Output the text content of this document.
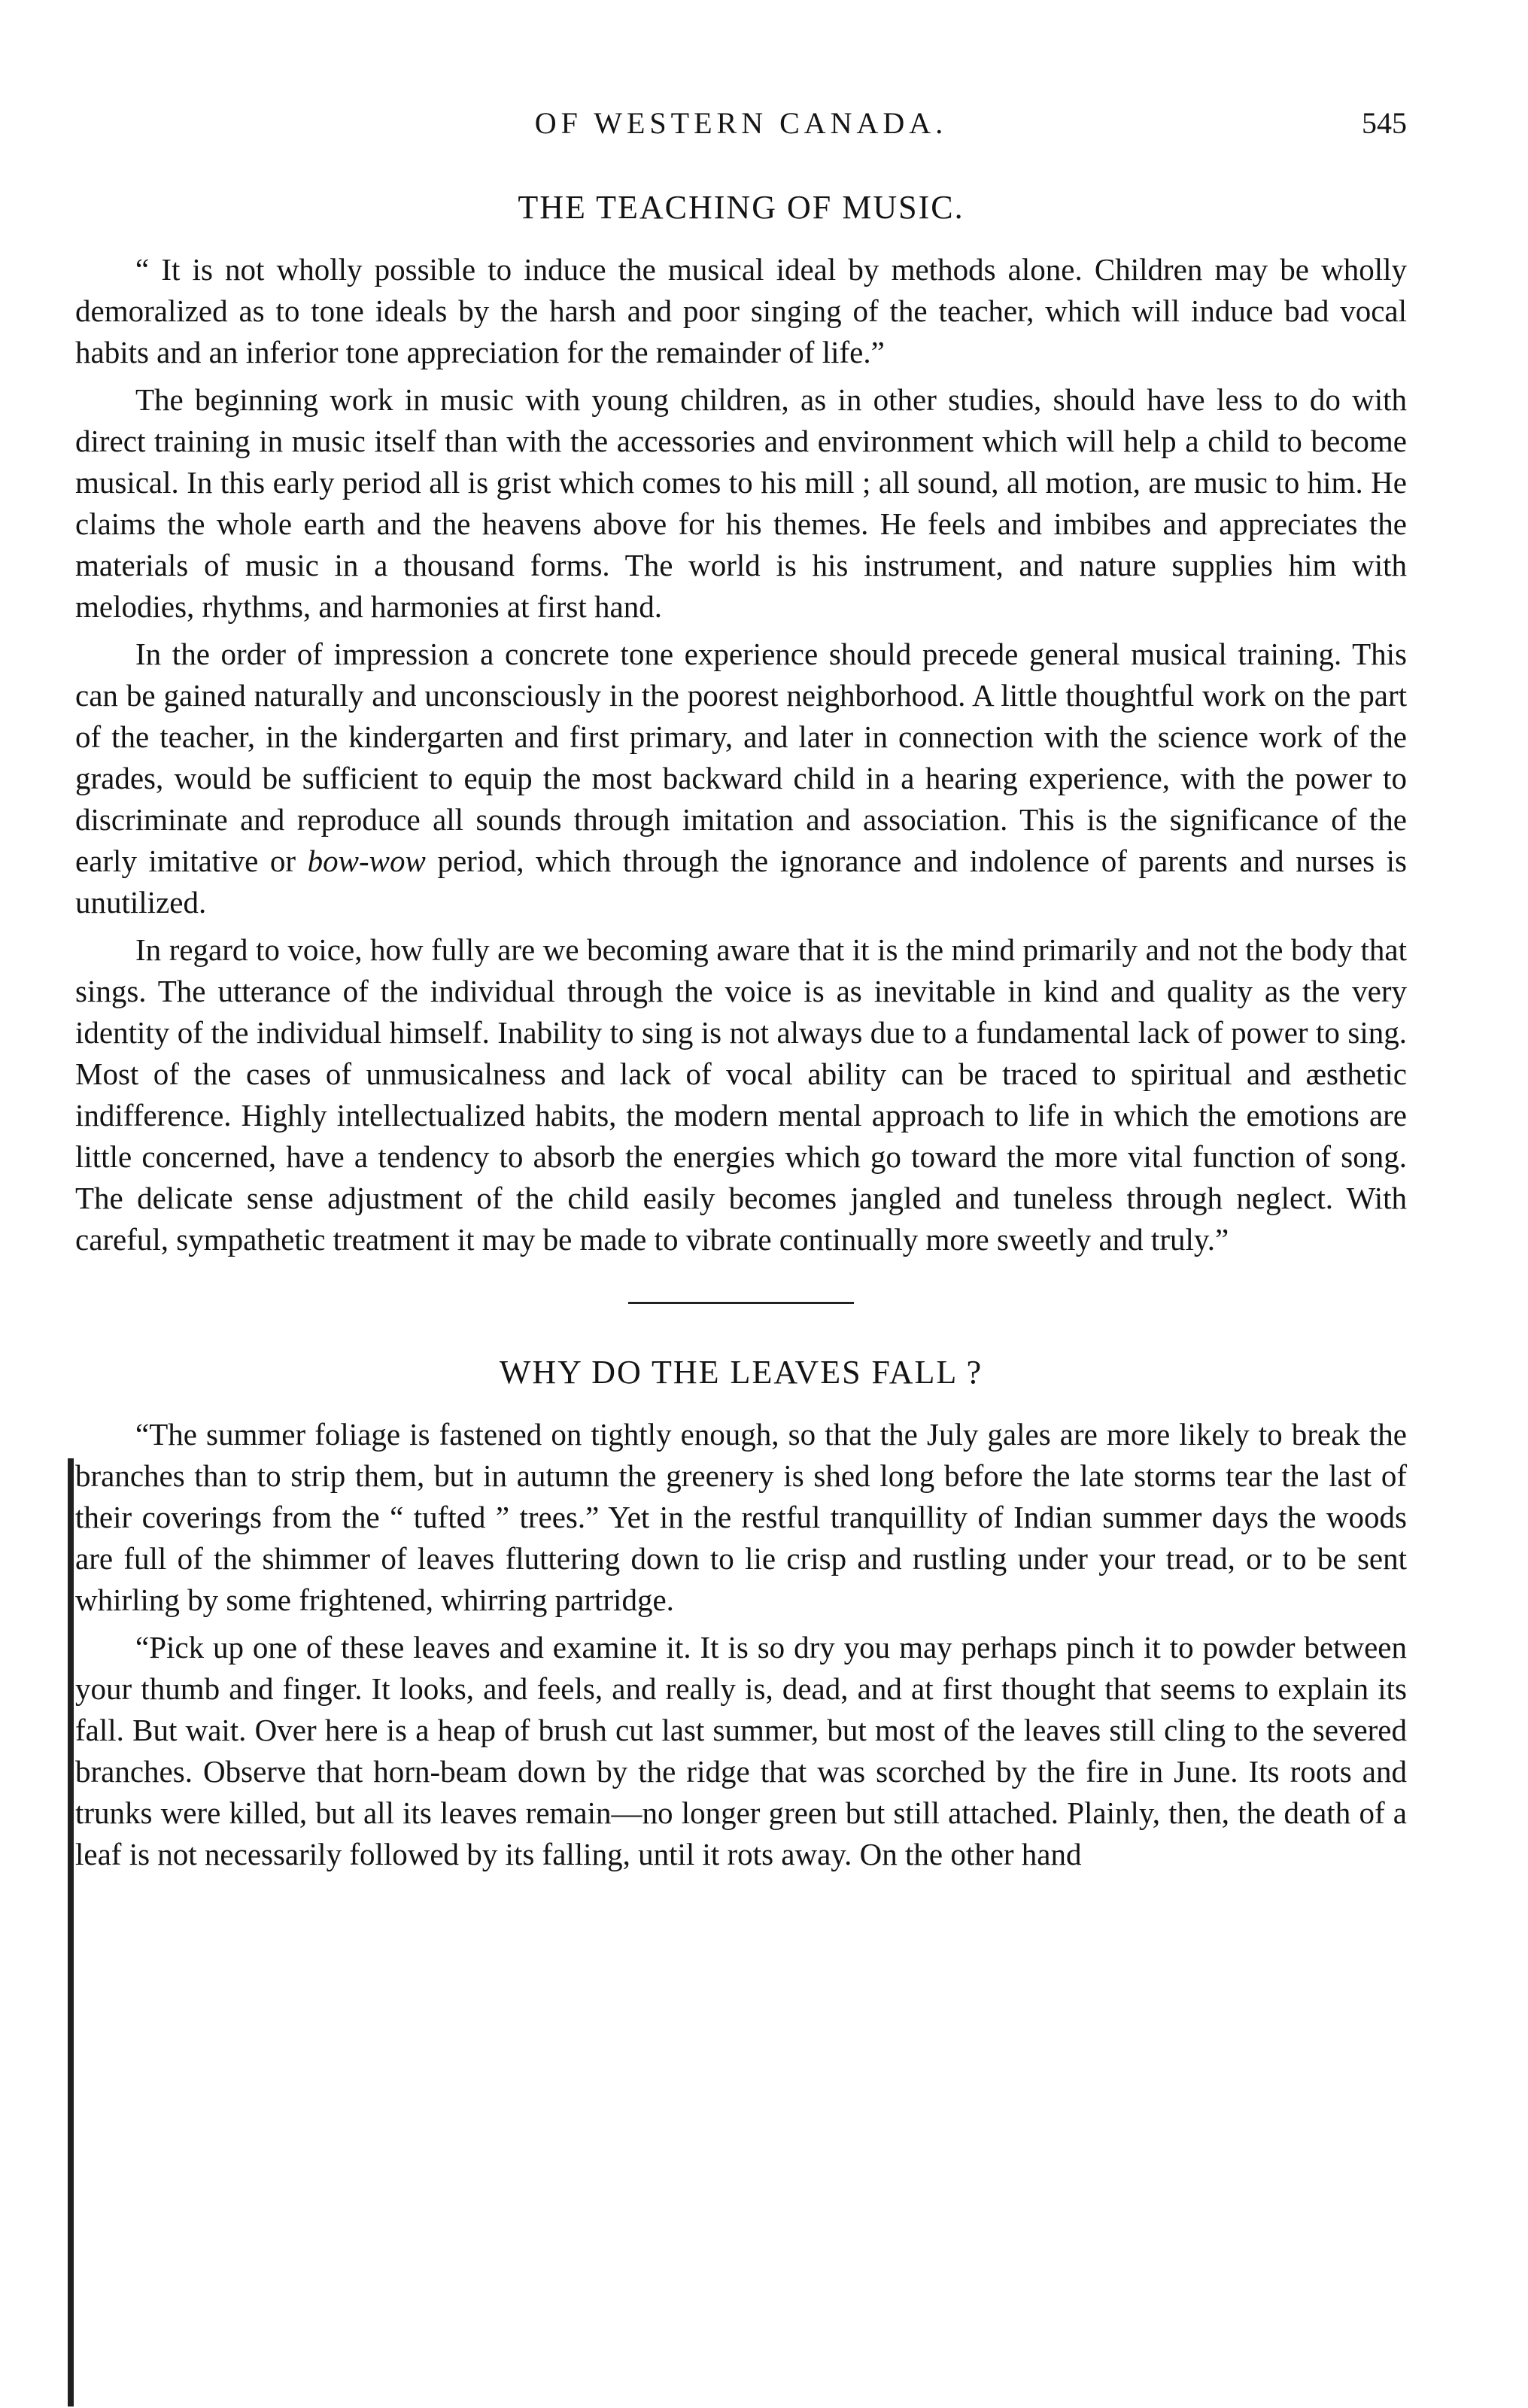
OF WESTERN CANADA.	545
THE TEACHING OF MUSIC.

“ It is not wholly possible to induce the musical ideal by methods alone. Children may be wholly demoralized as to tone ideals by the harsh and poor singing of the teacher, which will induce bad vocal habits and an inferior tone appreciation for the remainder of life.”

The beginning work in music with young children, as in other studies, should have less to do with direct training in music itself than with the accessories and environment which will help a child to become musical. In this early period all is grist which comes to his mill ; all sound, all motion, are music to him. He claims the whole earth and the heavens above for his themes. He feels and imbibes and appreciates the materials of music in a thousand forms. The world is his instrument, and nature supplies him with melodies, rhythms, and harmonies at first hand.

In the order of impression a concrete tone experience should precede general musical training. This can be gained naturally and unconsciously in the poorest neighborhood. A little thoughtful work on the part of the teacher, in the kindergarten and first primary, and later in connection with the science work of the grades, would be sufficient to equip the most backward child in a hearing experience, with the power to discriminate and reproduce all sounds through imitation and association. This is the significance of the early imitative or bow-wow period, which through the ignorance and indolence of parents and nurses is unutilized.

In regard to voice, how fully are we becoming aware that it is the mind primarily and not the body that sings. The utterance of the individual through the voice is as inevitable in kind and quality as the very identity of the individual himself. Inability to sing is not always due to a fundamental lack of power to sing. Most of the cases of unmusicalness and lack of vocal ability can be traced to spiritual and æsthetic indifference. Highly intellectualized habits, the modern mental approach to life in which the emotions are little concerned, have a tendency to absorb the energies which go toward the more vital function of song. The delicate sense adjustment of the child easily becomes jangled and tuneless through neglect. With careful, sympathetic treatment it may be made to vibrate continually more sweetly and truly.”

WHY DO THE LEAVES FALL ?

“The summer foliage is fastened on tightly enough, so that the July gales are more likely to break the branches than to strip them, but in autumn the greenery is shed long before the late storms tear the last of their coverings from the “ tufted ” trees.” Yet in the restful tranquillity of Indian summer days the woods are full of the shimmer of leaves fluttering down to lie crisp and rustling under your tread, or to be sent whirling by some frightened, whirring partridge.

“Pick up one of these leaves and examine it. It is so dry you may perhaps pinch it to powder between your thumb and finger. It looks, and feels, and really is, dead, and at first thought that seems to explain its fall. But wait. Over here is a heap of brush cut last summer, but most of the leaves still cling to the severed branches. Observe that horn-beam down by the ridge that was scorched by the fire in June. Its roots and trunks were killed, but all its leaves remain—no longer green but still attached. Plainly, then, the death of a leaf is not necessarily followed by its falling, until it rots away. On the other hand
